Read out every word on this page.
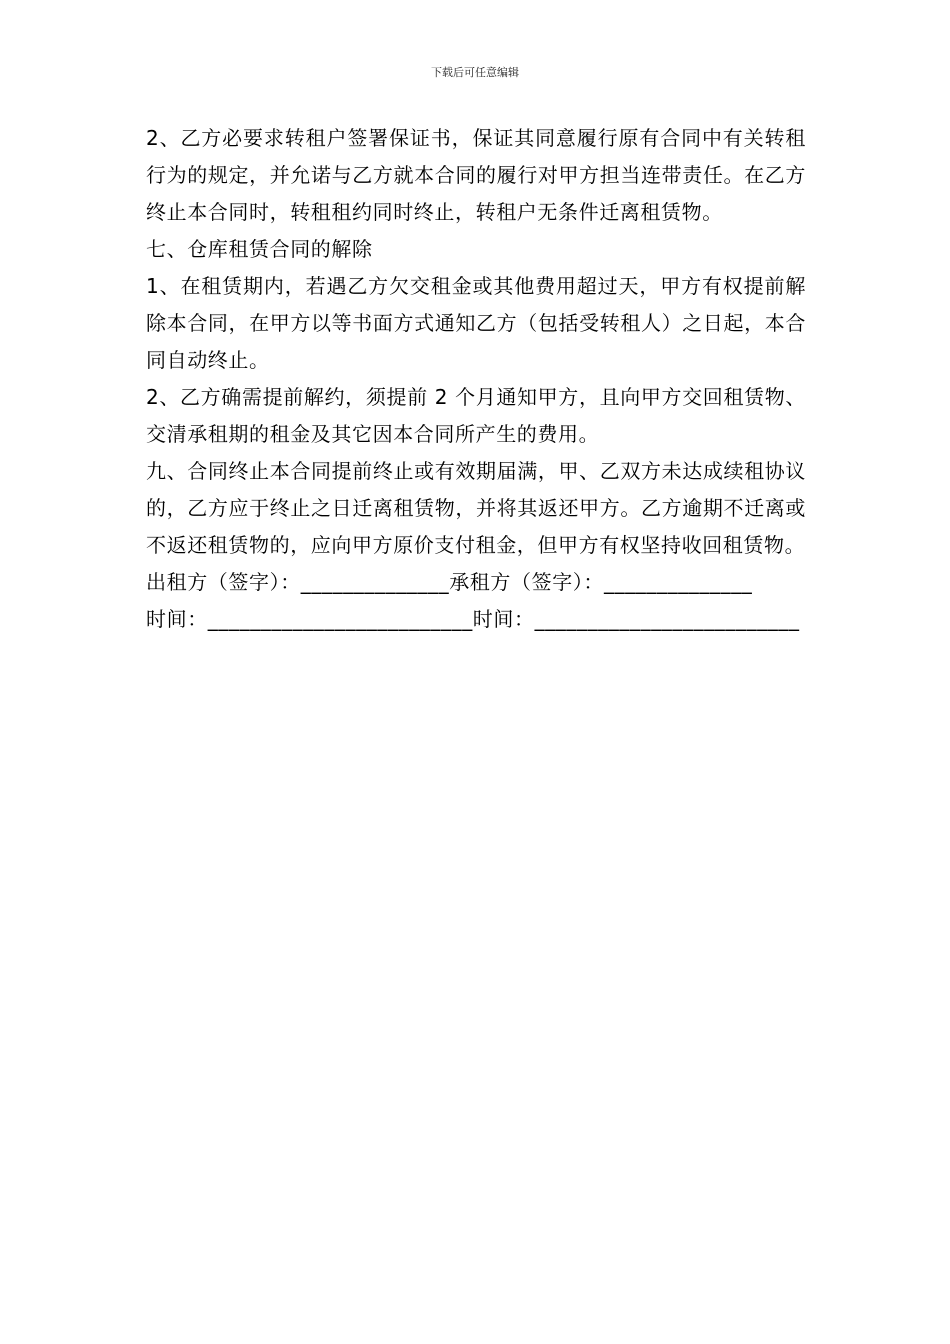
下载后可任意编辑

2、乙方必要求转租户签署保证书，保证其同意履行原有合同中有关转租行为的规定，并允诺与乙方就本合同的履行对甲方担当连带责任。在乙方终止本合同时，转租租约同时终止，转租户无条件迁离租赁物。

七、仓库租赁合同的解除

1、在租赁期内，若遇乙方欠交租金或其他费用超过天，甲方有权提前解除本合同，在甲方以等书面方式通知乙方（包括受转租人）之日起，本合同自动终止。

2、乙方确需提前解约，须提前 2 个月通知甲方，且向甲方交回租赁物、交清承租期的租金及其它因本合同所产生的费用。

九、合同终止本合同提前终止或有效期届满，甲、乙双方未达成续租协议的，乙方应于终止之日迁离租赁物，并将其返还甲方。乙方逾期不迁离或不返还租赁物的，应向甲方原价支付租金，但甲方有权坚持收回租赁物。

出租方（签字）：______________承租方（签字）：______________

时间：_________________________时间：_________________________
